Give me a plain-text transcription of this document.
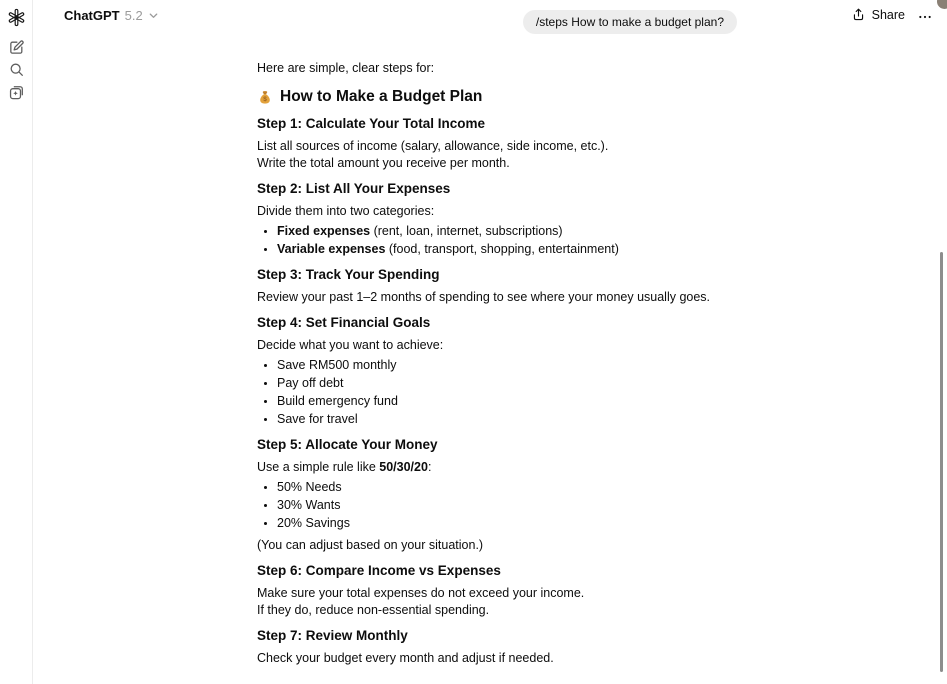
ChatGPT 5.2	Share
/steps How to make a budget plan?

Here are simple, clear steps for:

$ How to Make a Budget Plan
Step 1: Calculate Your Total Income

List all sources of income (salary, allowance, side income, etc.).

Write the total amount you receive per month.

Step 2: List All Your Expenses

Divide them into two categories:

Fixed expenses (rent, loan, internet, subscriptions)
Variable expenses (food, transport, shopping, entertainment)
Step 3: Track Your Spending

Review your past 1–2 months of spending to see where your money usually goes.

Step 4: Set Financial Goals

Decide what you want to achieve:

Save RM500 monthly
Pay off debt
Build emergency fund
Save for travel
Step 5: Allocate Your Money

Use a simple rule like 50/30/20:

50% Needs
30% Wants
20% Savings

(You can adjust based on your situation.)

Step 6: Compare Income vs Expenses

Make sure your total expenses do not exceed your income.

If they do, reduce non-essential spending.

Step 7: Review Monthly

Check your budget every month and adjust if needed.
